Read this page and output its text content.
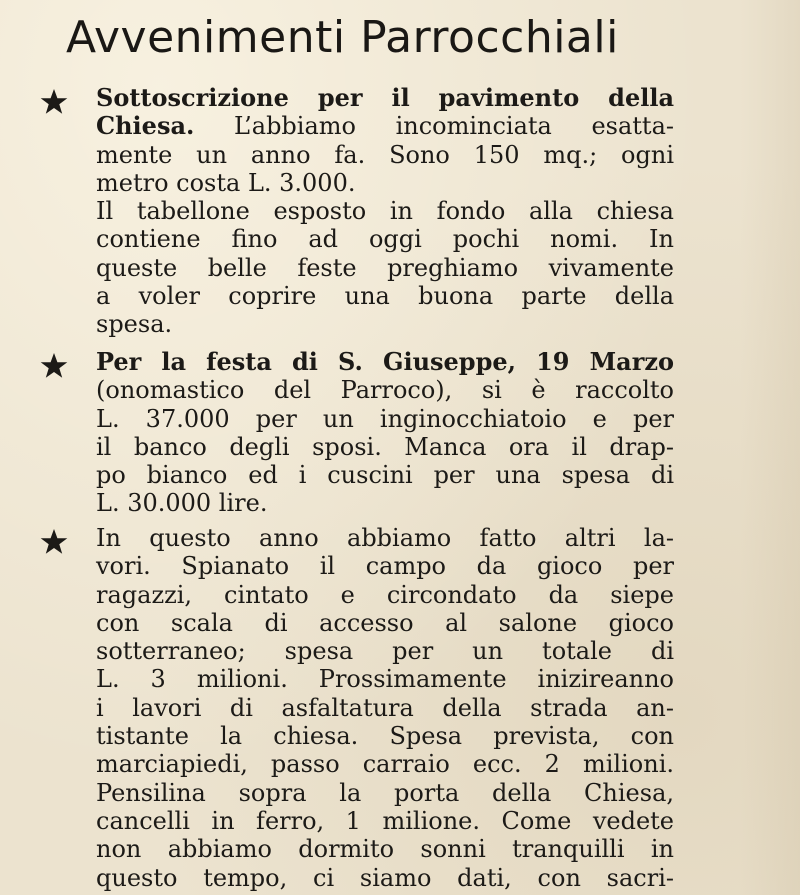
Avvenimenti Parrocchiali
Sottoscrizione per il pavimento della
Chiesa. L’abbiamo incominciata esatta-
mente un anno fa. Sono 150 mq.; ogni
metro costa L. 3.000.
Il tabellone esposto in fondo alla chiesa
contiene fino ad oggi pochi nomi. In
queste belle feste preghiamo vivamente
a voler coprire una buona parte della
spesa.
Per la festa di S. Giuseppe, 19 Marzo
(onomastico del Parroco), si è raccolto
L. 37.000 per un inginocchiatoio e per
il banco degli sposi. Manca ora il drap-
po bianco ed i cuscini per una spesa di
L. 30.000 lire.
In questo anno abbiamo fatto altri la-
vori. Spianato il campo da gioco per
ragazzi, cintato e circondato da siepe
con scala di accesso al salone gioco
sotterraneo; spesa per un totale di
L. 3 milioni. Prossimamente inizireanno
i lavori di asfaltatura della strada an-
tistante la chiesa. Spesa prevista, con
marciapiedi, passo carraio ecc. 2 milioni.
Pensilina sopra la porta della Chiesa,
cancelli in ferro, 1 milione. Come vedete
non abbiamo dormito sonni tranquilli in
questo tempo, ci siamo dati, con sacri-
